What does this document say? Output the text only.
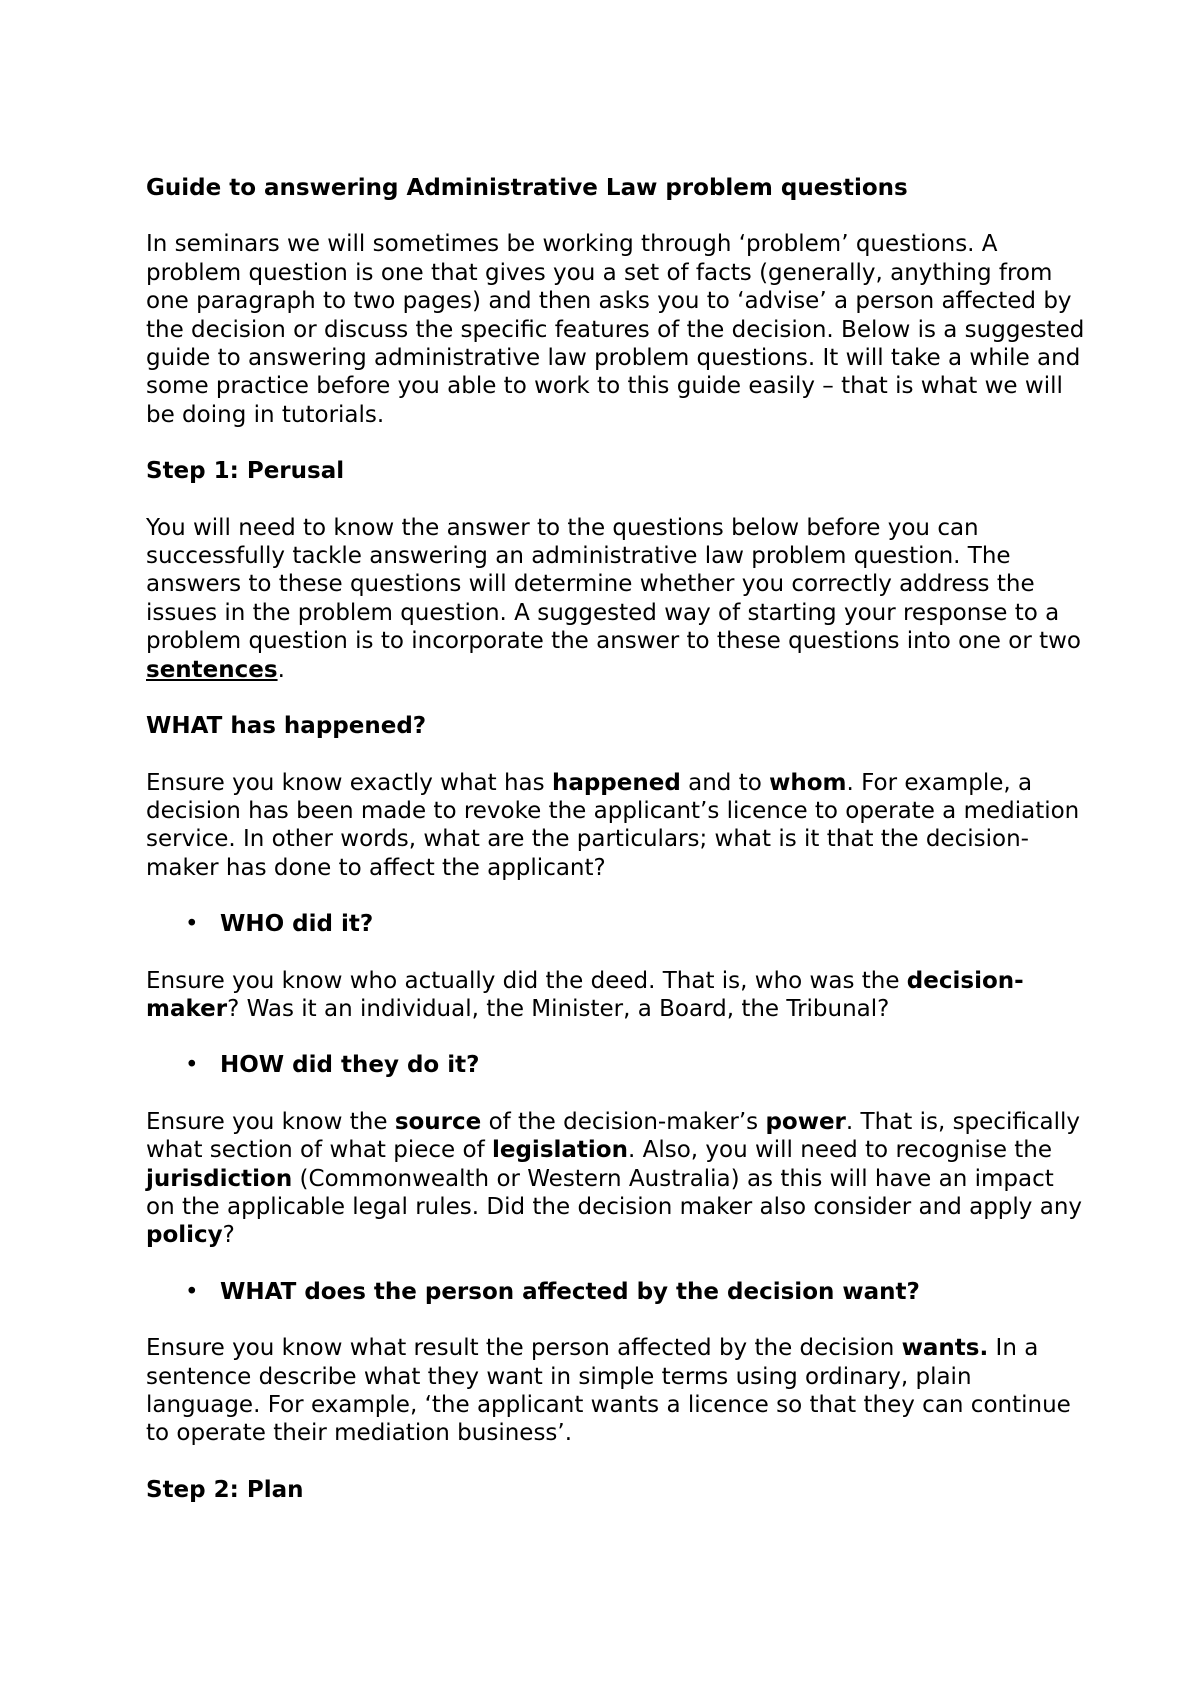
Guide to answering Administrative Law problem questions

In seminars we will sometimes be working through ‘problem’ questions. A problem question is one that gives you a set of facts (generally, anything from one paragraph to two pages) and then asks you to ‘advise’ a person affected by the decision or discuss the specific features of the decision. Below is a suggested guide to answering administrative law problem questions. It will take a while and some practice before you able to work to this guide easily – that is what we will be doing in tutorials.

Step 1: Perusal

You will need to know the answer to the questions below before you can successfully tackle answering an administrative law problem question. The answers to these questions will determine whether you correctly address the issues in the problem question. A suggested way of starting your response to a problem question is to incorporate the answer to these questions into one or two sentences.

WHAT has happened?

Ensure you know exactly what has happened and to whom. For example, a decision has been made to revoke the applicant’s licence to operate a mediation service. In other words, what are the particulars; what is it that the decision-maker has done to affect the applicant?

• WHO did it?

Ensure you know who actually did the deed. That is, who was the decision-maker? Was it an individual, the Minister, a Board, the Tribunal?

• HOW did they do it?

Ensure you know the source of the decision-maker’s power. That is, specifically what section of what piece of legislation. Also, you will need to recognise the jurisdiction (Commonwealth or Western Australia) as this will have an impact on the applicable legal rules. Did the decision maker also consider and apply any policy?

• WHAT does the person affected by the decision want?

Ensure you know what result the person affected by the decision wants. In a sentence describe what they want in simple terms using ordinary, plain language. For example, ‘the applicant wants a licence so that they can continue to operate their mediation business’.

Step 2: Plan
